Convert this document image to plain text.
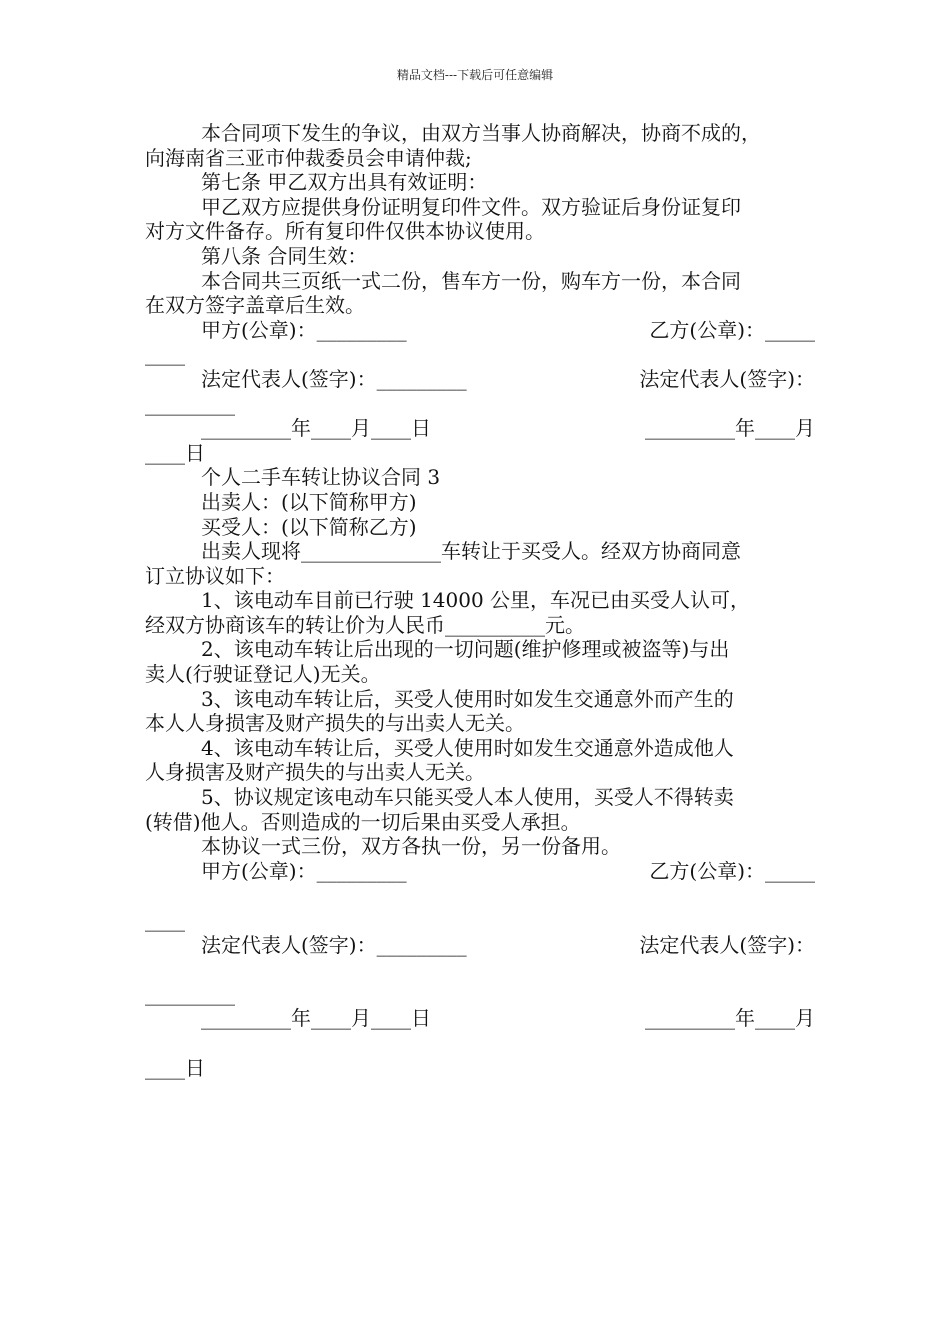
精品文档---下载后可任意编辑
本合同项下发生的争议，由双方当事人协商解决，协商不成的，
向海南省三亚市仲裁委员会申请仲裁;
第七条 甲乙双方出具有效证明：
甲乙双方应提供身份证明复印件文件。双方验证后身份证复印
对方文件备存。所有复印件仅供本协议使用。
第八条 合同生效：
本合同共三页纸一式二份，售车方一份，购车方一份，本合同
在双方签字盖章后生效。
甲方(公章)：_________	乙方(公章)：_____
____
法定代表人(签字)：_________	法定代表人(签字)：
_________
_________年____月____日	_________年____月
____日
个人二手车转让协议合同 3
出卖人：(以下简称甲方)
买受人：(以下简称乙方)
出卖人现将______________车转让于买受人。经双方协商同意
订立协议如下：
1、该电动车目前已行驶 14000 公里，车况已由买受人认可，
经双方协商该车的转让价为人民币__________元。
2、该电动车转让后出现的一切问题(维护修理或被盗等)与出
卖人(行驶证登记人)无关。
3、该电动车转让后，买受人使用时如发生交通意外而产生的
本人人身损害及财产损失的与出卖人无关。
4、该电动车转让后，买受人使用时如发生交通意外造成他人
人身损害及财产损失的与出卖人无关。
5、协议规定该电动车只能买受人本人使用，买受人不得转卖
(转借)他人。否则造成的一切后果由买受人承担。
本协议一式三份，双方各执一份，另一份备用。
甲方(公章)：_________	乙方(公章)：_____
____
法定代表人(签字)：_________	法定代表人(签字)：
_________
_________年____月____日	_________年____月
____日
